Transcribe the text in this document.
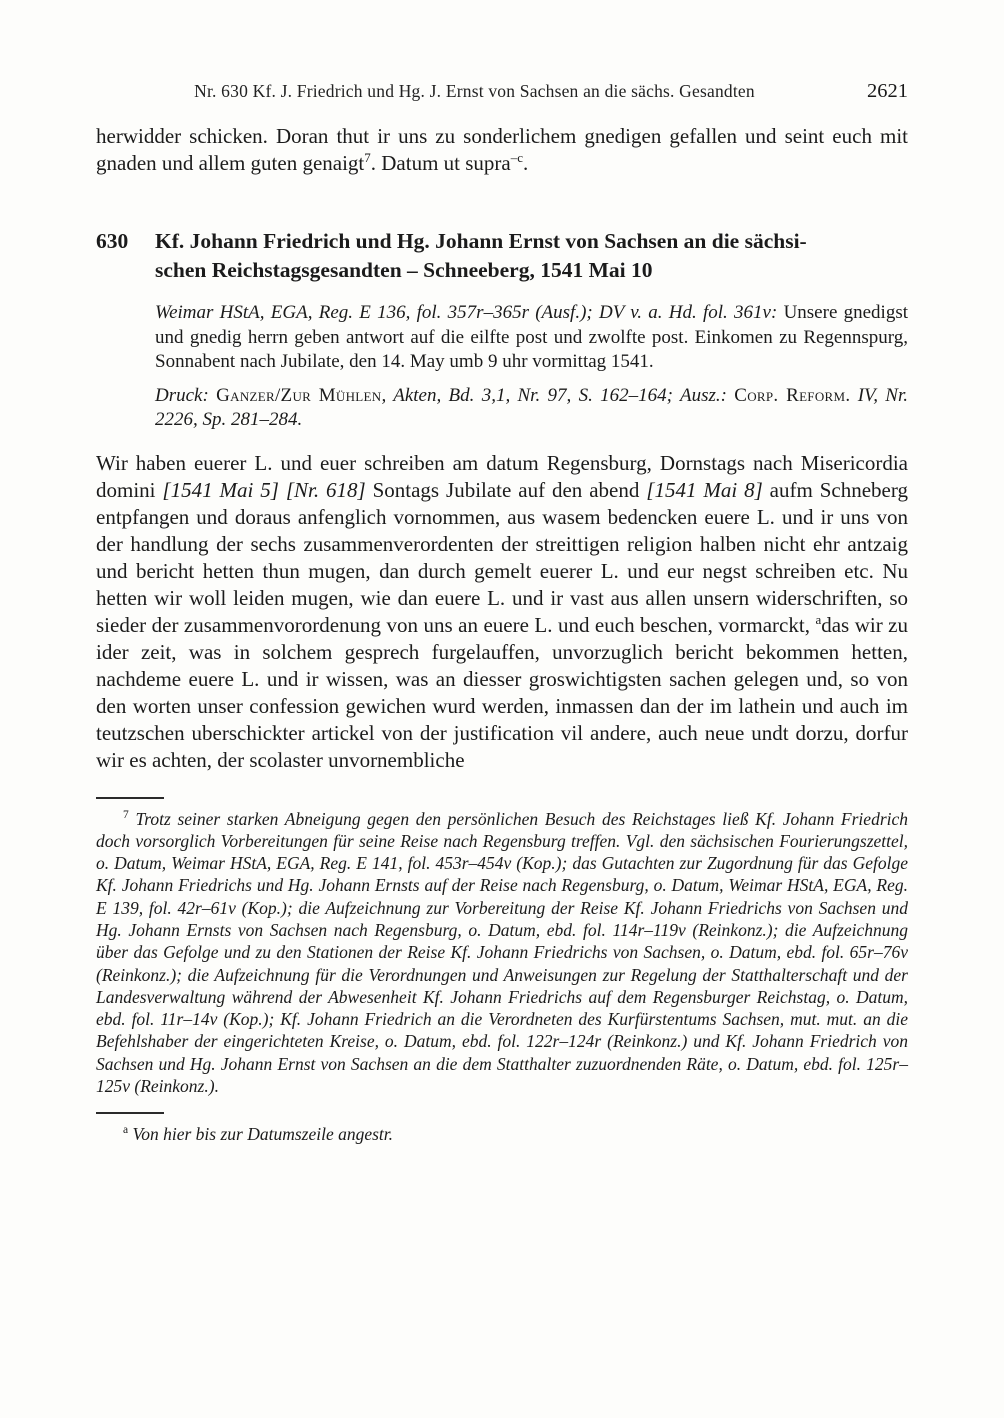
Nr. 630 Kf. J. Friedrich und Hg. J. Ernst von Sachsen an die sächs. Gesandten	2621

herwidder schicken. Doran thut ir uns zu sonderlichem gnedigen gefallen und seint euch mit gnaden und allem guten genaigt$^7$. Datum ut supra$^{-c}$.

630	Kf. Johann Friedrich und Hg. Johann Ernst von Sachsen an die sächsi-
schen Reichstagsgesandten – Schneeberg, 1541 Mai 10

Weimar HStA, EGA, Reg. E 136, fol. 357r–365r (Ausf.); DV v. a. Hd. fol. 361v: Unsere gnedigst und gnedig herrn geben antwort auf die eilfte post und zwolfte post. Einkomen zu Regennspurg, Sonnabent nach Jubilate, den 14. May umb 9 uhr vormittag 1541.

Druck: Ganzer/Zur Mühlen, Akten, Bd. 3,1, Nr. 97, S. 162–164; Ausz.: Corp. Reform. IV, Nr. 2226, Sp. 281–284.

Wir haben euerer L. und euer schreiben am datum Regensburg, Dornstags nach Misericordia domini [1541 Mai 5] [Nr. 618] Sontags Jubilate auf den abend [1541 Mai 8] aufm Schneberg entpfangen und doraus anfenglich vornommen, aus wasem bedencken euere L. und ir uns von der handlung der sechs zusammenverordenten der streittigen religion halben nicht ehr antzaig und bericht hetten thun mugen, dan durch gemelt euerer L. und eur negst schreiben etc. Nu hetten wir woll leiden mugen, wie dan euere L. und ir vast aus allen unsern widerschriften, so sieder der zusammenvorordenung von uns an euere L. und euch beschen, vormarckt, $^a$das wir zu ider zeit, was in solchem gesprech furgelauffen, unvorzuglich bericht bekommen hetten, nachdeme euere L. und ir wissen, was an diesser groswichtigsten sachen gelegen und, so von den worten unser confession gewichen wurd werden, inmassen dan der im lathein und auch im teutzschen uberschickter artickel von der justification vil andere, auch neue undt dorzu, dorfur wir es achten, der scolaster unvornembliche

$^7$ Trotz seiner starken Abneigung gegen den persönlichen Besuch des Reichstages ließ Kf. Johann Friedrich doch vorsorglich Vorbereitungen für seine Reise nach Regensburg treffen. Vgl. den sächsischen Fourierungszettel, o. Datum, Weimar HStA, EGA, Reg. E 141, fol. 453r–454v (Kop.); das Gutachten zur Zugordnung für das Gefolge Kf. Johann Friedrichs und Hg. Johann Ernsts auf der Reise nach Regensburg, o. Datum, Weimar HStA, EGA, Reg. E 139, fol. 42r–61v (Kop.); die Aufzeichnung zur Vorbereitung der Reise Kf. Johann Friedrichs von Sachsen und Hg. Johann Ernsts von Sachsen nach Regensburg, o. Datum, ebd. fol. 114r–119v (Reinkonz.); die Aufzeichnung über das Gefolge und zu den Stationen der Reise Kf. Johann Friedrichs von Sachsen, o. Datum, ebd. fol. 65r–76v (Reinkonz.); die Aufzeichnung für die Verordnungen und Anweisungen zur Regelung der Statthalterschaft und der Landesverwaltung während der Abwesenheit Kf. Johann Friedrichs auf dem Regensburger Reichstag, o. Datum, ebd. fol. 11r–14v (Kop.); Kf. Johann Friedrich an die Verordneten des Kurfürstentums Sachsen, mut. mut. an die Befehlshaber der eingerichteten Kreise, o. Datum, ebd. fol. 122r–124r (Reinkonz.) und Kf. Johann Friedrich von Sachsen und Hg. Johann Ernst von Sachsen an die dem Statthalter zuzuordnenden Räte, o. Datum, ebd. fol. 125r–125v (Reinkonz.).

$^a$ Von hier bis zur Datumszeile angestr.
